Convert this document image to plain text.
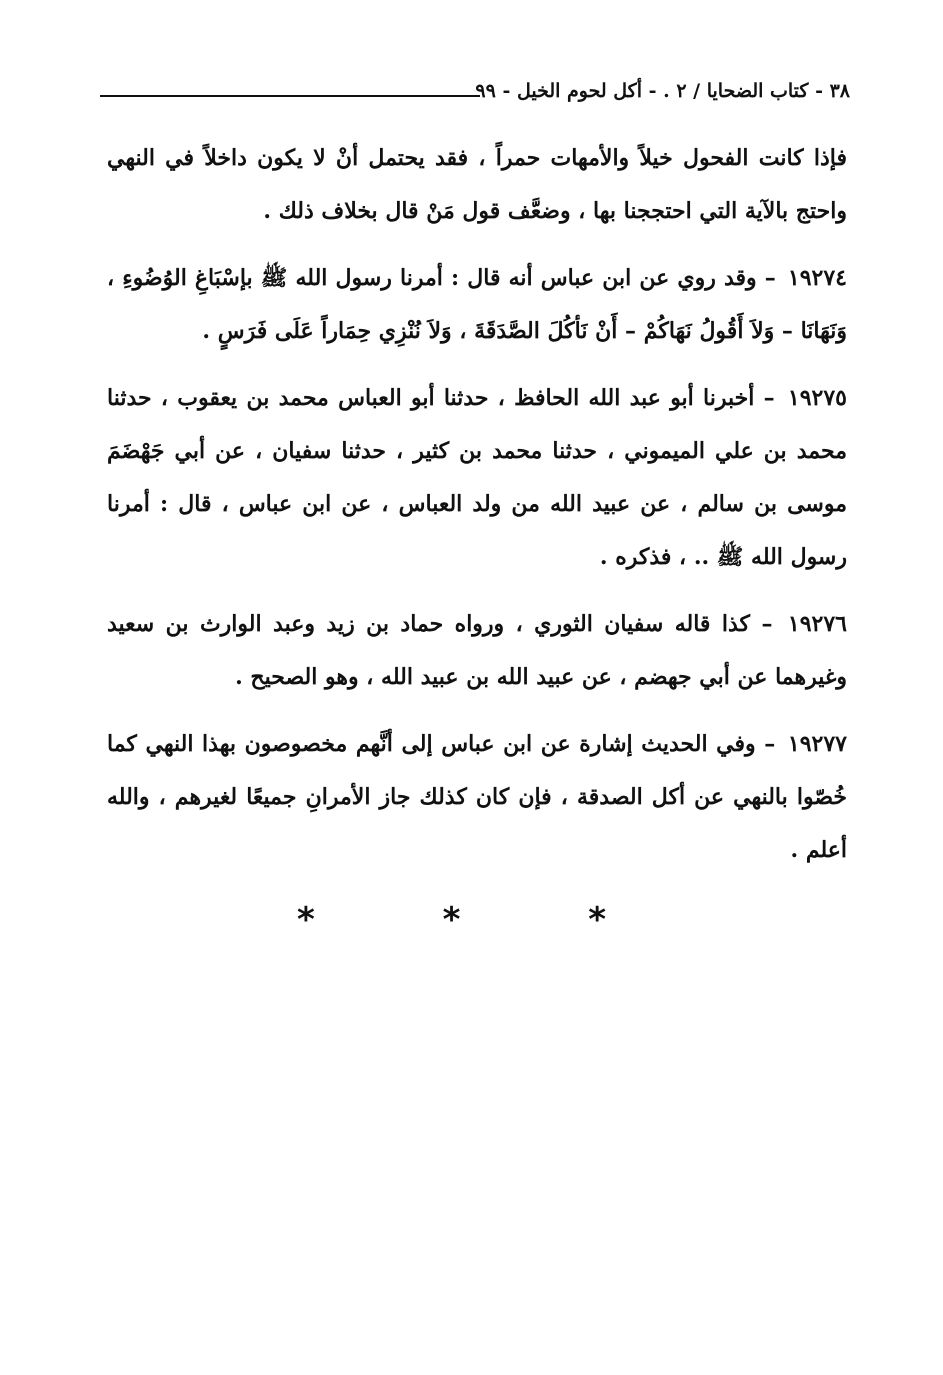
٣٨ - كتاب الضحايا / ٢ . - أكل لحوم الخيل - ٩٩

فإذا كانت الفحول خيلاً والأمهات حمراً ، فقد يحتمل أنْ لا يكون داخلاً في النهي واحتج بالآية التي احتججنا بها ، وضعَّف قول مَنْ قال بخلاف ذلك .

١٩٢٧٤ – وقد روي عن ابن عباس أنه قال : أمرنا رسول الله ﷺ بإسْبَاغِ الوُضُوءِ ، وَنَهَانَا – وَلاَ أَقُولُ نَهَاكُمْ – أَنْ نَأكُلَ الصَّدَقَةَ ، وَلاَ نُنْزِي حِمَاراً عَلَى فَرَسٍ .

١٩٢٧٥ – أخبرنا أبو عبد الله الحافظ ، حدثنا أبو العباس محمد بن يعقوب ، حدثنا محمد بن علي الميموني ، حدثنا محمد بن كثير ، حدثنا سفيان ، عن أبي جَهْضَمَ موسى بن سالم ، عن عبيد الله من ولد العباس ، عن ابن عباس ، قال : أمرنا رسول الله ﷺ .. ، فذكره .

١٩٢٧٦ – كذا قاله سفيان الثوري ، ورواه حماد بن زيد وعبد الوارث بن سعيد وغيرهما عن أبي جهضم ، عن عبيد الله بن عبيد الله ، وهو الصحيح .

١٩٢٧٧ – وفي الحديث إشارة عن ابن عباس إلى أنَّهم مخصوصون بهذا النهي كما خُصّوا بالنهي عن أكل الصدقة ، فإن كان كذلك جاز الأمرانِ جميعًا لغيرهم ، والله أعلم .

*	*	*
